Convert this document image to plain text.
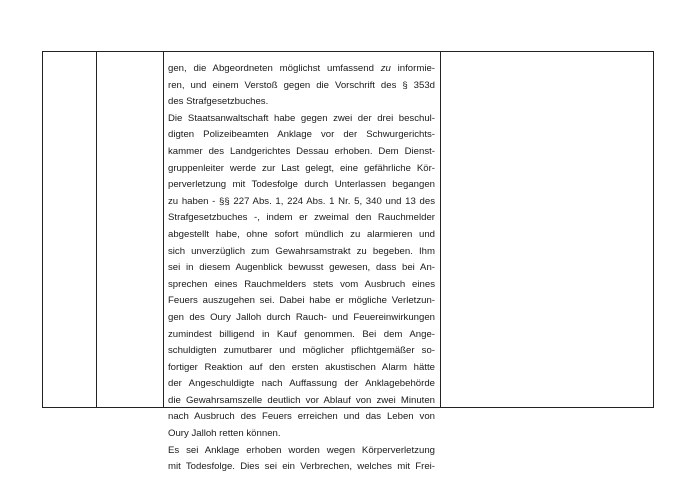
gen, die Abgeordneten möglichst umfassend zu informie-
ren, und einem Verstoß gegen die Vorschrift des § 353d
des Strafgesetzbuches.
Die Staatsanwaltschaft habe gegen zwei der drei beschul-
digten Polizeibeamten Anklage vor der Schwurgerichts-
kammer des Landgerichtes Dessau erhoben. Dem Dienst-
gruppenleiter werde zur Last gelegt, eine gefährliche Kör-
perverletzung mit Todesfolge durch Unterlassen begangen
zu haben - §§ 227 Abs. 1, 224 Abs. 1 Nr. 5, 340 und 13 des
Strafgesetzbuches -, indem er zweimal den Rauchmelder
abgestellt habe, ohne sofort mündlich zu alarmieren und
sich unverzüglich zum Gewahrsamstrakt zu begeben. Ihm
sei in diesem Augenblick bewusst gewesen, dass bei An-
sprechen eines Rauchmelders stets vom Ausbruch eines
Feuers auszugehen sei. Dabei habe er mögliche Verletzun-
gen des Oury Jalloh durch Rauch- und Feuereinwirkungen
zumindest billigend in Kauf genommen. Bei dem Ange-
schuldigten zumutbarer und möglicher pflichtgemäßer so-
fortiger Reaktion auf den ersten akustischen Alarm hätte
der Angeschuldigte nach Auffassung der Anklagebehörde
die Gewahrsamszelle deutlich vor Ablauf von zwei Minuten
nach Ausbruch des Feuers erreichen und das Leben von
Oury Jalloh retten können.
Es sei Anklage erhoben worden wegen Körperverletzung
mit Todesfolge. Dies sei ein Verbrechen, welches mit Frei-
